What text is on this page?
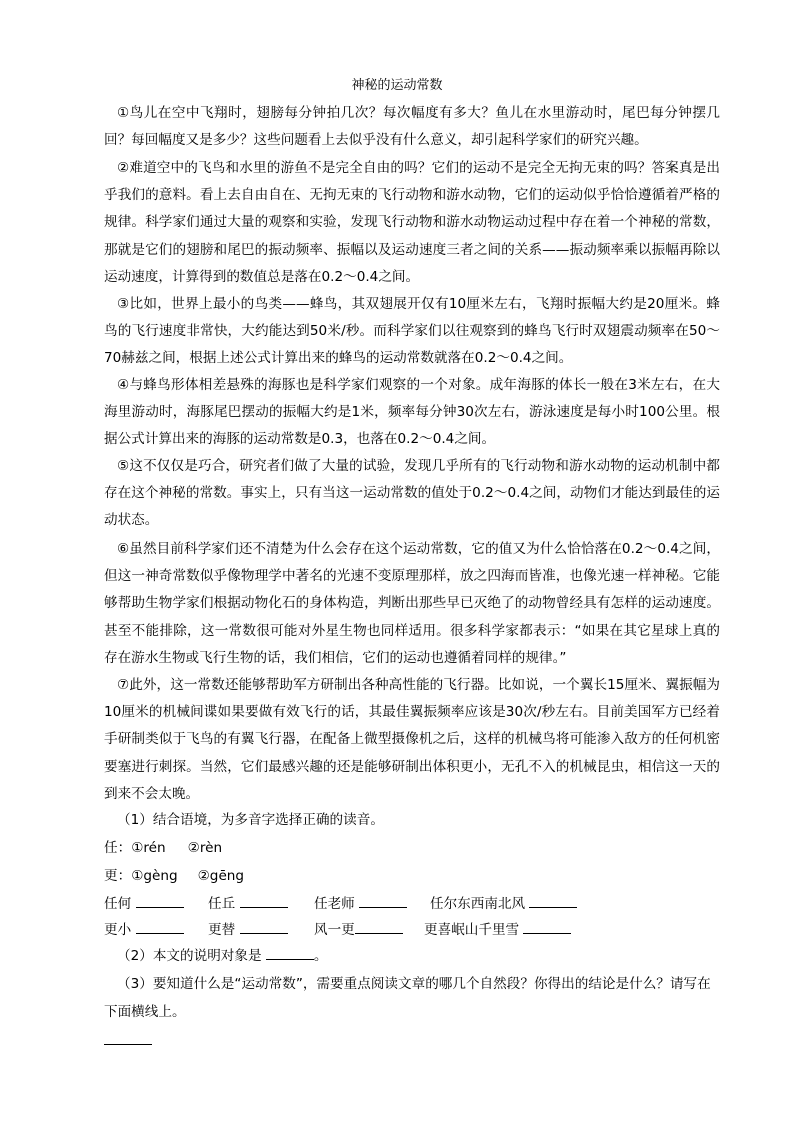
神秘的运动常数

①鸟儿在空中飞翔时，翅膀每分钟拍几次？每次幅度有多大？鱼儿在水里游动时，尾巴每分钟摆几回？每回幅度又是多少？这些问题看上去似乎没有什么意义，却引起科学家们的研究兴趣。

②难道空中的飞鸟和水里的游鱼不是完全自由的吗？它们的运动不是完全无拘无束的吗？答案真是出乎我们的意料。看上去自由自在、无拘无束的飞行动物和游水动物，它们的运动似乎恰恰遵循着严格的规律。科学家们通过大量的观察和实验，发现飞行动物和游水动物运动过程中存在着一个神秘的常数，那就是它们的翅膀和尾巴的振动频率、振幅以及运动速度三者之间的关系——振动频率乘以振幅再除以运动速度，计算得到的数值总是落在0.2～0.4之间。

③比如，世界上最小的鸟类——蜂鸟，其双翅展开仅有10厘米左右，飞翔时振幅大约是20厘米。蜂鸟的飞行速度非常快，大约能达到50米/秒。而科学家们以往观察到的蜂鸟飞行时双翅震动频率在50～70赫兹之间，根据上述公式计算出来的蜂鸟的运动常数就落在0.2～0.4之间。

④与蜂鸟形体相差悬殊的海豚也是科学家们观察的一个对象。成年海豚的体长一般在3米左右，在大海里游动时，海豚尾巴摆动的振幅大约是1米，频率每分钟30次左右，游泳速度是每小时100公里。根据公式计算出来的海豚的运动常数是0.3，也落在0.2～0.4之间。

⑤这不仅仅是巧合，研究者们做了大量的试验，发现几乎所有的飞行动物和游水动物的运动机制中都存在这个神秘的常数。事实上，只有当这一运动常数的值处于0.2～0.4之间，动物们才能达到最佳的运动状态。

⑥虽然目前科学家们还不清楚为什么会存在这个运动常数，它的值又为什么恰恰落在0.2～0.4之间，但这一神奇常数似乎像物理学中著名的光速不变原理那样，放之四海而皆准，也像光速一样神秘。它能够帮助生物学家们根据动物化石的身体构造，判断出那些早已灭绝了的动物曾经具有怎样的运动速度。甚至不能排除，这一常数很可能对外星生物也同样适用。很多科学家都表示：“如果在其它星球上真的存在游水生物或飞行生物的话，我们相信，它们的运动也遵循着同样的规律。”

⑦此外，这一常数还能够帮助军方研制出各种高性能的飞行器。比如说，一个翼长15厘米、翼振幅为10厘米的机械间谍如果要做有效飞行的话，其最佳翼振频率应该是30次/秒左右。目前美国军方已经着手研制类似于飞鸟的有翼飞行器，在配备上微型摄像机之后，这样的机械鸟将可能渗入敌方的任何机密要塞进行刺探。当然，它们最感兴趣的还是能够研制出体积更小，无孔不入的机械昆虫，相信这一天的到来不会太晚。

（1）结合语境，为多音字选择正确的读音。

任：①rén ②rèn
更：①gèng ②gēng
任何	任丘	任老师	任尔东西南北风
更小	更替	风一更	更喜岷山千里雪
（2）本文的说明对象是	。

（3）要知道什么是“运动常数”，需要重点阅读文章的哪几个自然段？你得出的结论是什么？请写在下面横线上。
